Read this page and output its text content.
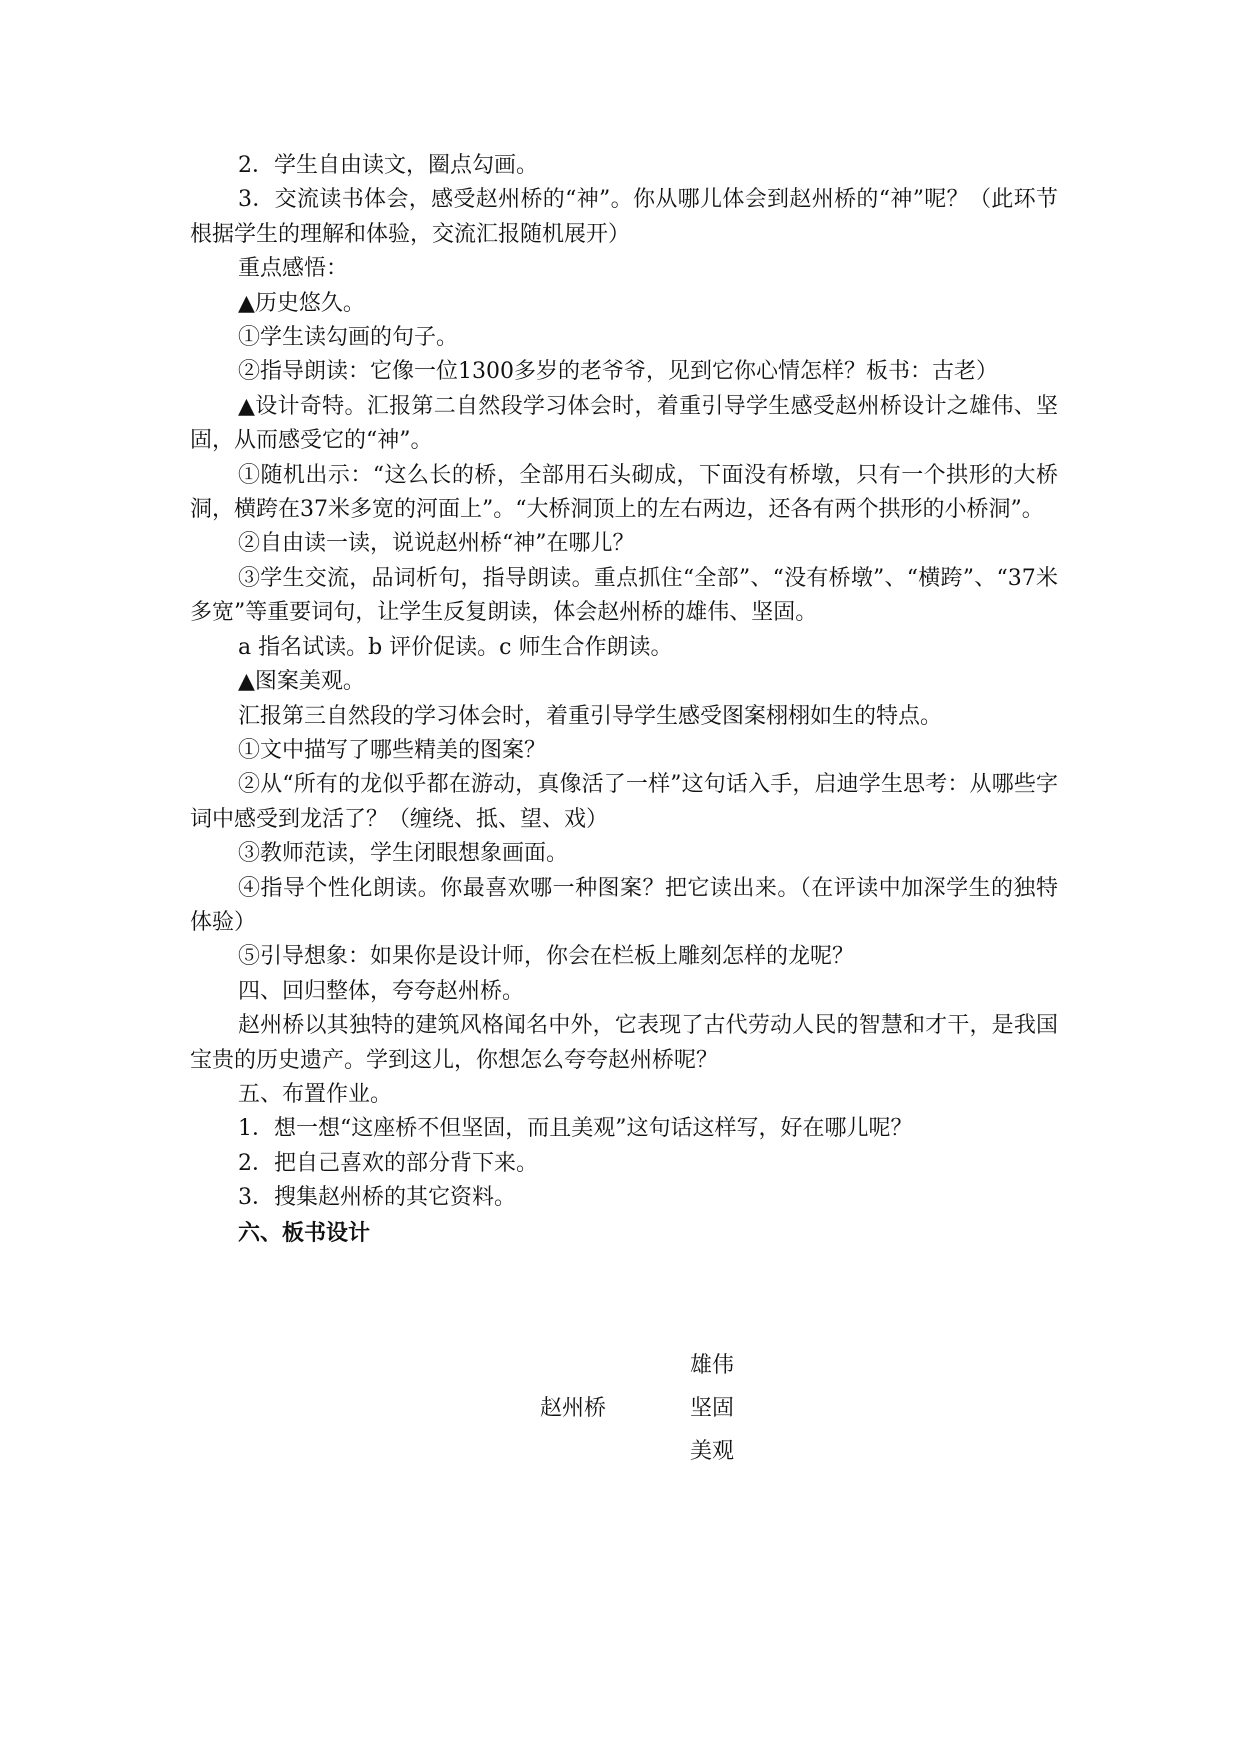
2．学生自由读文，圈点勾画。

3．交流读书体会，感受赵州桥的“神”。你从哪儿体会到赵州桥的“神”呢？（此环节根据学生的理解和体验，交流汇报随机展开）

重点感悟：

▲历史悠久。

①学生读勾画的句子。

②指导朗读：它像一位1300多岁的老爷爷，见到它你心情怎样？板书：古老）

▲设计奇特。汇报第二自然段学习体会时，着重引导学生感受赵州桥设计之雄伟、坚固，从而感受它的“神”。

①随机出示：“这么长的桥，全部用石头砌成，下面没有桥墩，只有一个拱形的大桥洞，横跨在37米多宽的河面上”。“大桥洞顶上的左右两边，还各有两个拱形的小桥洞”。

②自由读一读，说说赵州桥“神”在哪儿？

③学生交流，品词析句，指导朗读。重点抓住“全部”、“没有桥墩”、“横跨”、“37米多宽”等重要词句，让学生反复朗读，体会赵州桥的雄伟、坚固。

a 指名试读。b 评价促读。c 师生合作朗读。

▲图案美观。

汇报第三自然段的学习体会时，着重引导学生感受图案栩栩如生的特点。

①文中描写了哪些精美的图案？

②从“所有的龙似乎都在游动，真像活了一样”这句话入手，启迪学生思考：从哪些字词中感受到龙活了？（缠绕、抵、望、戏）

③教师范读，学生闭眼想象画面。

④指导个性化朗读。你最喜欢哪一种图案？把它读出来。（在评读中加深学生的独特体验）

⑤引导想象：如果你是设计师，你会在栏板上雕刻怎样的龙呢？

四、回归整体，夸夸赵州桥。

赵州桥以其独特的建筑风格闻名中外，它表现了古代劳动人民的智慧和才干，是我国宝贵的历史遗产。学到这儿，你想怎么夸夸赵州桥呢？

五、布置作业。

1．想一想“这座桥不但坚固，而且美观”这句话这样写，好在哪儿呢？

2．把自己喜欢的部分背下来。

3．搜集赵州桥的其它资料。

六、板书设计

赵州桥
雄伟
坚固
美观
